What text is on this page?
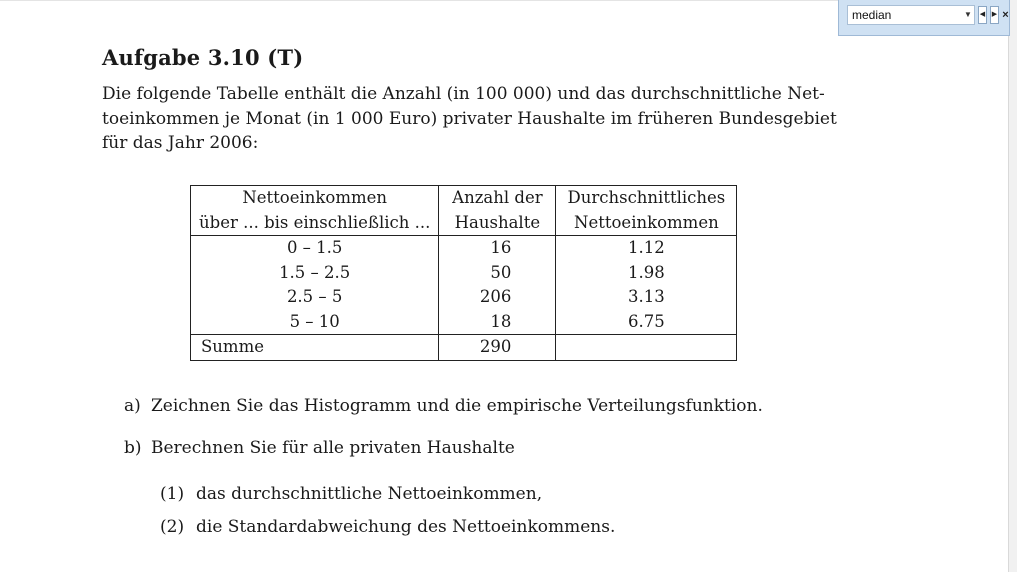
median
▼ ◀ ▶ ×
Aufgabe 3.10 (T)

Die folgende Tabelle enthält die Anzahl (in 100 000) und das durchschnittliche Net-
toeinkommen je Monat (in 1 000 Euro) privater Haushalte im früheren Bundesgebiet
für das Jahr 2006:

Nettoeinkommen	Anzahl der	Durchschnittliches
über ... bis einschließlich ...	Haushalte	Nettoeinkommen
0 – 1.5	16	1.12
1.5 – 2.5	50	1.98
2.5 – 5	206	3.13
5 – 10	18	6.75
Summe	290	
a) Zeichnen Sie das Histogramm und die empirische Verteilungsfunktion.
b) Berechnen Sie für alle privaten Haushalte
(1) das durchschnittliche Nettoeinkommen,
(2) die Standardabweichung des Nettoeinkommens.
